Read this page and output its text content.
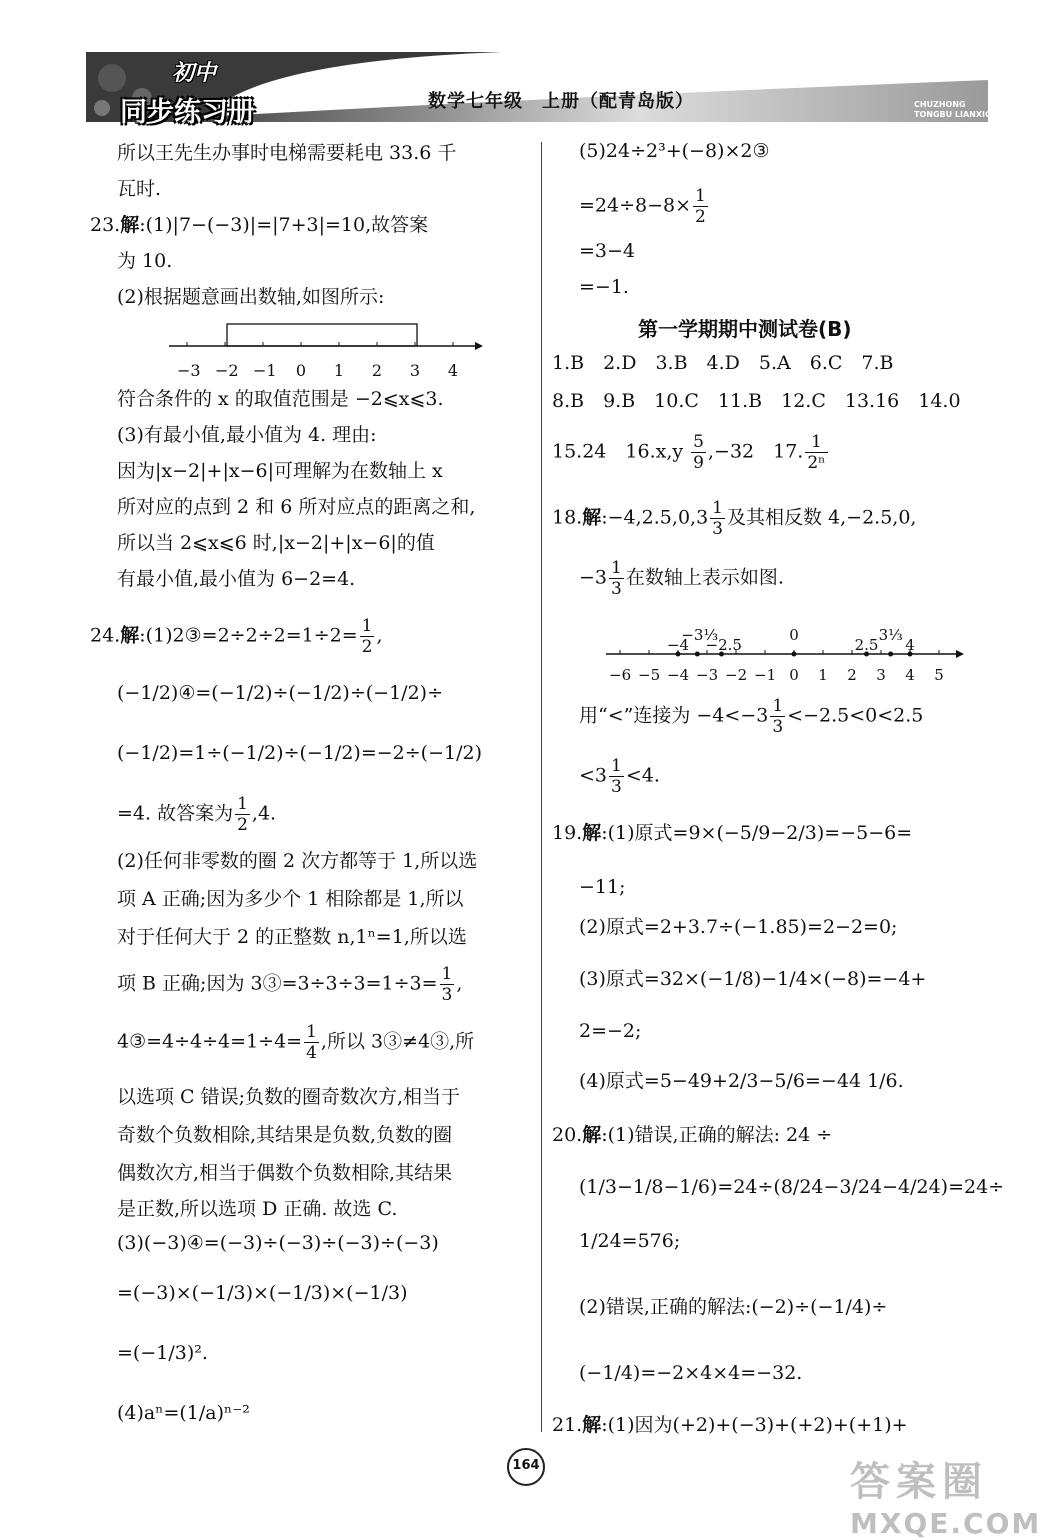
初中
同步练习册	数学七年级　上册（配青岛版）	CHUZHONG
TONGBU LIANXICE
所以王先生办事时电梯需要耗电 33.6 千
瓦时.
23.解:(1)|7−(−3)|=|7+3|=10,故答案
为 10.
(2)根据题意画出数轴,如图所示:
−3 −2 −1	0	1	2	3	4
符合条件的 x 的取值范围是 −2⩽x⩽3.
(3)有最小值,最小值为 4. 理由:
因为|x−2|+|x−6|可理解为在数轴上 x
所对应的点到 2 和 6 所对应点的距离之和,
所以当 2⩽x⩽6 时,|x−2|+|x−6|的值
有最小值,最小值为 6−2=4.
24.解:(1)2③=2÷2÷2=1÷2= $\frac{1}{2}$ ,
(−1/2)④=(−1/2)÷(−1/2)÷(−1/2)÷
(−1/2)=1÷(−1/2)÷(−1/2)=−2÷(−1/2)
=4. 故答案为 $\frac{1}{2} ,4$.
(2)任何非零数的圈 2 次方都等于 1,所以选
项 A 正确;因为多少个 1 相除都是 1,所以
对于任何大于 2 的正整数 n,1ⁿ=1,所以选
项 B 正确;因为 3③=3÷3÷3=1÷3= $\frac{1}{3}$ ,
4③=4÷4÷4=1÷4= $\frac{1}{4}$ ,所以 3③≠4③,所
以选项 C 错误;负数的圈奇数次方,相当于
奇数个负数相除,其结果是负数,负数的圈
偶数次方,相当于偶数个负数相除,其结果
是正数,所以选项 D 正确. 故选 C.
(3)(−3)④=(−3)÷(−3)÷(−3)÷(−3)
=(−3)×(−1/3)×(−1/3)×(−1/3)
=(−1/3)².
(4)aⁿ=(1/a)ⁿ⁻²
(5)24÷2³+(−8)×2③
$=24\div 8-8\times \frac{1}{2}$
=3−4
=−1.
第一学期期中测试卷(B)
1.B　2.D　3.B　4.D　5.A　6.C　7.B
8.B　9.B　10.C　11.B　12.C　13.16　14.0
15.24　$16.x,y \frac{5}{9} ,-32$　17. $\frac{1}{\text{2ⁿ}}$
18.解:−4,2.5,0,3 $\frac{1}{3}$ 及其相反数 4,−2.5,0,
$-3 \frac{1}{3}$ 在数轴上表示如图.
−6 −5 −4 −3 −2 −1 0	1	2	3	4	5
−4
−3⅓
−2.5
0
2.5
3⅓
4
用“<”连接为 $-4<-3 \frac{1}{3} <-2.5<0<2.5$
$<3 \frac{1}{3} <4$.
19.解:(1)原式=9×(−5/9−2/3)=−5−6=
−11;
(2)原式=2+3.7÷(−1.85)=2−2=0;
(3)原式=32×(−1/8)−1/4×(−8)=−4+
2=−2;
(4)原式=5−49+2/3−5/6=−44 1/6.
20.解:(1)错误,正确的解法: 24 ÷
(1/3−1/8−1/6)=24÷(8/24−3/24−4/24)=24÷
1/24=576;
(2)错误,正确的解法:(−2)÷(−1/4)÷
(−1/4)=−2×4×4=−32.
21.解:(1)因为(+2)+(−3)+(+2)+(+1)+
164	答案圈
MXQE.COM
